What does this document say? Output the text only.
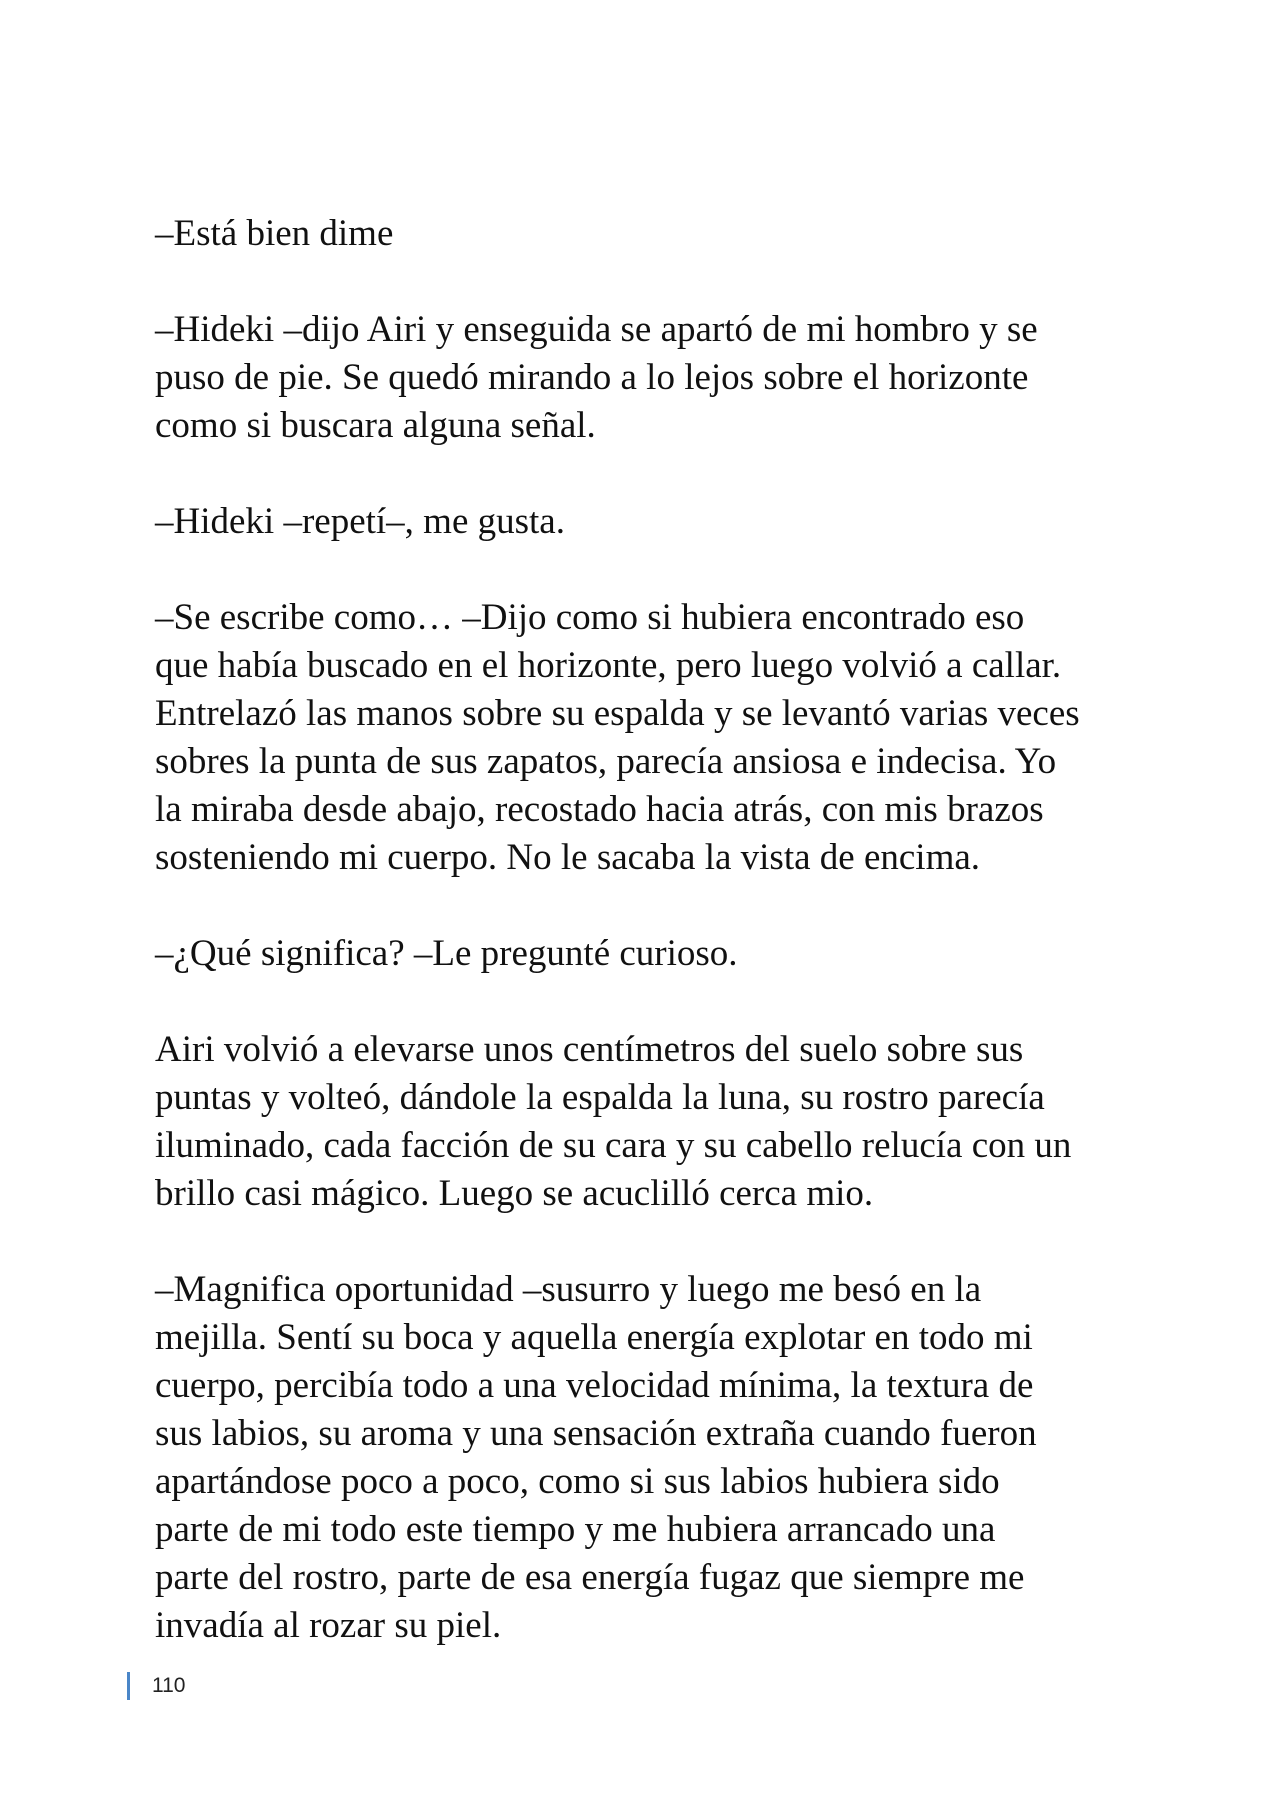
–Está bien dime

–Hideki –dijo Airi y enseguida se apartó de mi hombro y se
puso de pie. Se quedó mirando a lo lejos sobre el horizonte
como si buscara alguna señal.

–Hideki –repetí–, me gusta.

–Se escribe como… –Dijo como si hubiera encontrado eso
que había buscado en el horizonte, pero luego volvió a callar.
Entrelazó las manos sobre su espalda y se levantó varias veces
sobres la punta de sus zapatos, parecía ansiosa e indecisa. Yo
la miraba desde abajo, recostado hacia atrás, con mis brazos
sosteniendo mi cuerpo. No le sacaba la vista de encima.

–¿Qué significa? –Le pregunté curioso.

Airi volvió a elevarse unos centímetros del suelo sobre sus
puntas y volteó, dándole la espalda la luna, su rostro parecía
iluminado, cada facción de su cara y su cabello relucía con un
brillo casi mágico. Luego se acuclilló cerca mio.

–Magnifica oportunidad –susurro y luego me besó en la
mejilla. Sentí su boca y aquella energía explotar en todo mi
cuerpo, percibía todo a una velocidad mínima, la textura de
sus labios, su aroma y una sensación extraña cuando fueron
apartándose poco a poco, como si sus labios hubiera sido
parte de mi todo este tiempo y me hubiera arrancado una
parte del rostro, parte de esa energía fugaz que siempre me
invadía al rozar su piel.

110
